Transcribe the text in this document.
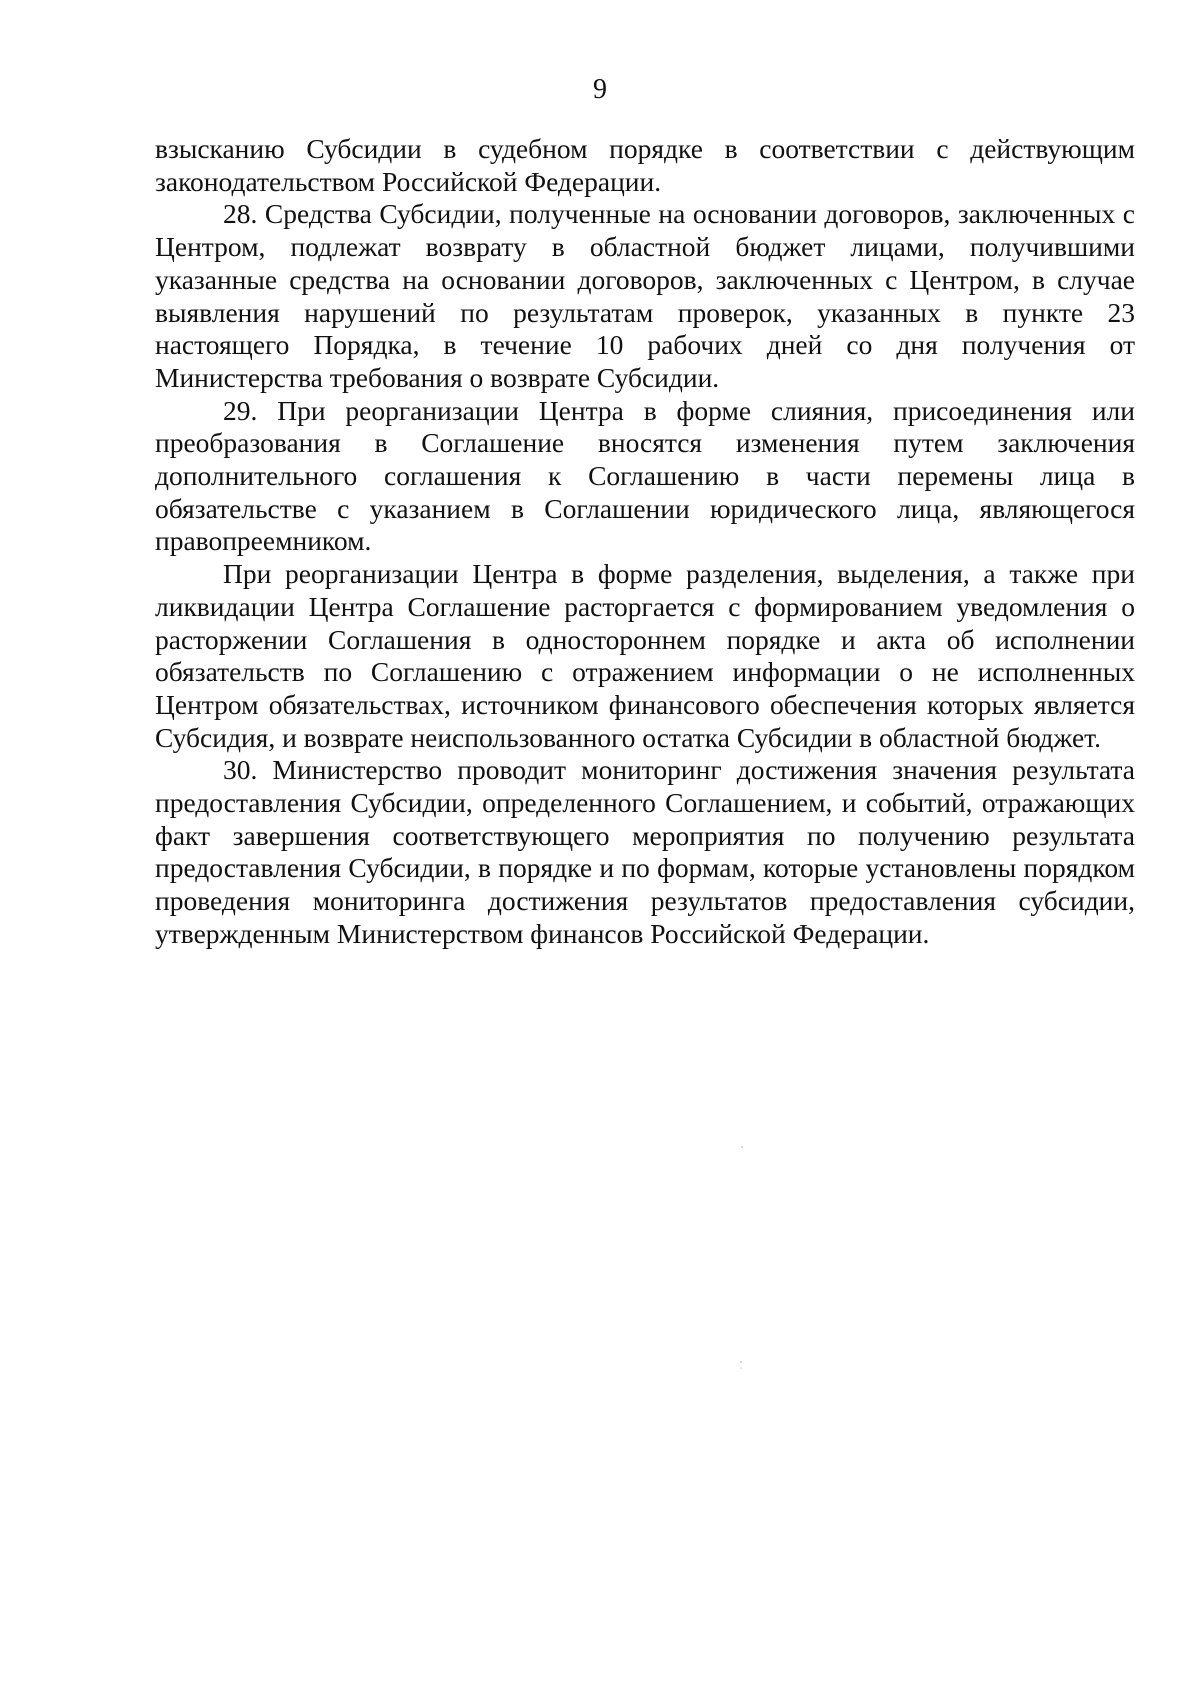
9

взысканию Субсидии в судебном порядке в соответствии с действующим законодательством Российской Федерации.

28. Средства Субсидии, полученные на основании договоров, заключенных с Центром, подлежат возврату в областной бюджет лицами, получившими указанные средства на основании договоров, заключенных с Центром, в случае выявления нарушений по результатам проверок, указанных в пункте 23 настоящего Порядка, в течение 10 рабочих дней со дня получения от Министерства требования о возврате Субсидии.

29. При реорганизации Центра в форме слияния, присоединения или преобразования в Соглашение вносятся изменения путем заключения дополнительного соглашения к Соглашению в части перемены лица в обязательстве с указанием в Соглашении юридического лица, являющегося правопреемником.

При реорганизации Центра в форме разделения, выделения, а также при ликвидации Центра Соглашение расторгается с формированием уведомления о расторжении Соглашения в одностороннем порядке и акта об исполнении обязательств по Соглашению с отражением информации о не исполненных Центром обязательствах, источником финансового обеспечения которых является Субсидия, и возврате неиспользованного остатка Субсидии в областной бюджет.

30. Министерство проводит мониторинг достижения значения результата предоставления Субсидии, определенного Соглашением, и событий, отражающих факт завершения соответствующего мероприятия по получению результата предоставления Субсидии, в порядке и по формам, которые установлены порядком проведения мониторинга достижения результатов предоставления субсидии, утвержденным Министерством финансов Российской Федерации.
